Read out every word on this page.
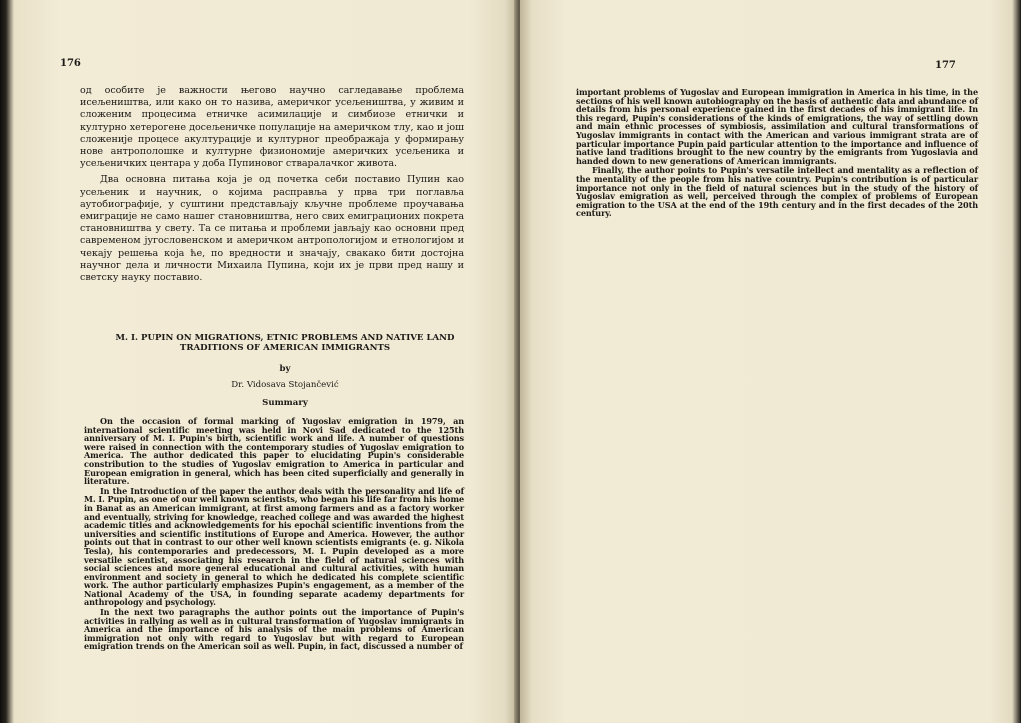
176

од особите је важности његово научно сагледавање проблема исељеништва, или како он то назива, америчког усељеништва, у живим и сложеним процесима етничке асимилације и симбиозе етнички и културно хетерогене досељеничке популације на америчком тлу, као и још сложеније процесе акултурације и културног преображаја у формирању нове антрополошке и културне физиономије америчких усељеника и усељеничких центара у доба Пупиновог стваралачког живота.

Два основна питања која је од почетка себи поставио Пупин као усељеник и научник, о којима расправља у прва три поглавља аутобиографије, у суштини представљају кључне проблеме проучавања емиграције не само нашег становништва, него свих емиграционих покрета становништва у свету. Та се питања и проблеми јављају као основни пред савременом југословенском и америчком антропологијом и етнологијом и чекају решења која ће, по вредности и значају, свакако бити достојна научног дела и личности Михаила Пупина, који их је први пред нашу и светску науку поставио.

M. I. PUPIN ON MIGRATIONS, ETNIC PROBLEMS AND NATIVE LAND TRADITIONS OF AMERICAN IMMIGRANTS
by
Dr. Vidosava Stojančević
Summary

On the occasion of formal marking of Yugoslav emigration in 1979, an international scientific meeting was held in Novi Sad dedicated to the 125th anniversary of M. I. Pupin's birth, scientific work and life. A number of questions were raised in connection with the contemporary studies of Yugoslav emigration to America. The author dedicated this paper to elucidating Pupin's considerable constribution to the studies of Yugoslav emigration to America in particular and European emigration in general, which has been cited superficially and generally in literature.

In the Introduction of the paper the author deals with the personality and life of M. I. Pupin, as one of our well known scientists, who began his life far from his home in Banat as an American immigrant, at first among farmers and as a factory worker and eventually, striving for knowledge, reached college and was awarded the highest academic titles and acknowledgements for his epochal scientific inventions from the universities and scientific institutions of Europe and America. However, the author points out that in contrast to our other well known scientists emigrants (e. g. Nikola Tesla), his contemporaries and predecessors, M. I. Pupin developed as a more versatile scientist, associating his research in the field of natural sciences with social sciences and more general educational and cultural activities, with human environment and society in general to which he dedicated his complete scientific work. The author particularly emphasizes Pupin's engagement, as a member of the National Academy of the USA, in founding separate academy departments for anthropology and psychology.

In the next two paragraphs the author points out the importance of Pupin's activities in rallying as well as in cultural transformation of Yugoslav immigrants in America and the importance of his analysis of the main problems of American immigration not only with regard to Yugoslav but with regard to European emigration trends on the American soil as well. Pupin, in fact, discussed a number of

177

important problems of Yugoslav and European immigration in America in his time, in the sections of his well known autobiography on the basis of authentic data and abundance of details from his personal experience gained in the first decades of his immigrant life. In this regard, Pupin's considerations of the kinds of emigrations, the way of settling down and main ethnic processes of symbiosis, assimilation and cultural transformations of Yugoslav immigrants in contact with the American and various immigrant strata are of particular importance Pupin paid particular attention to the importance and influence of native land traditions brought to the new country by the emigrants from Yugoslavia and handed down to new generations of American immigrants.

Finally, the author points to Pupin's versatile intellect and mentality as a reflection of the mentality of the people from his native country. Pupin's contribution is of particular importance not only in the field of natural sciences but in the study of the history of Yugoslav emigration as well, perceived through the complex of problems of European emigration to the USA at the end of the 19th century and in the first decades of the 20th century.
